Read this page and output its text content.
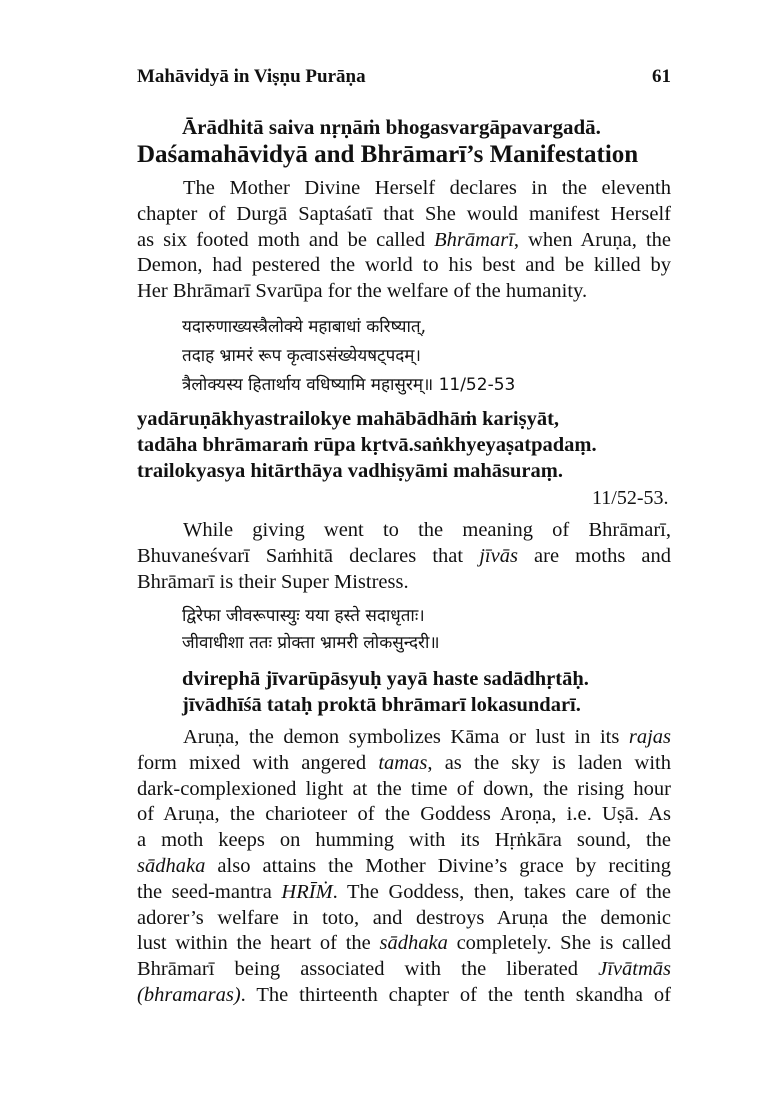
Mahāvidyā in Viṣṇu Purāṇa	61
Ārādhitā saiva nṛṇāṁ bhogasvargāpavargadā.
Daśamahāvidyā and Bhrāmarī’s Manifestation
The Mother Divine Herself declares in the eleventh
chapter of Durgā Saptaśatī that She would manifest Herself
as six footed moth and be called Bhrāmarī, when Aruṇa, the
Demon, had pestered the world to his best and be killed by
Her Bhrāmarī Svarūpa for the welfare of the humanity.
यदारुणाख्यस्त्रैलोक्ये महाबाधां करिष्यात्,
तदाह भ्रामरं रूप कृत्वाऽसंख्येयषट्पदम्।
त्रैलोक्यस्य हितार्थाय वधिष्यामि महासुरम्॥ 11/52-53
yadāruṇākhyastrailokye mahābādhāṁ kariṣyāt,
tadāha bhrāmaraṁ rūpa kṛtvā.saṅkhyeyaṣatpadaṃ.
trailokyasya hitārthāya vadhiṣyāmi mahāsuraṃ.
11/52-53.
While giving went to the meaning of Bhrāmarī,
Bhuvaneśvarī Saṁhitā declares that jīvās are moths and
Bhrāmarī is their Super Mistress.
द्विरेफा जीवरूपास्युः यया हस्ते सदाधृताः।
जीवाधीशा ततः प्रोक्ता भ्रामरी लोकसुन्दरी॥
dvirephā jīvarūpāsyuḥ yayā haste sadādhṛtāḥ.
jīvādhīśā tataḥ proktā bhrāmarī lokasundarī.
Aruṇa, the demon symbolizes Kāma or lust in its rajas
form mixed with angered tamas, as the sky is laden with
dark-complexioned light at the time of down, the rising hour
of Aruṇa, the charioteer of the Goddess Aroṇa, i.e. Uṣā. As
a moth keeps on humming with its Hṛṅkāra sound, the
sādhaka also attains the Mother Divine’s grace by reciting
the seed-mantra HRĪṀ. The Goddess, then, takes care of the
adorer’s welfare in toto, and destroys Aruṇa the demonic
lust within the heart of the sādhaka completely. She is called
Bhrāmarī being associated with the liberated Jīvātmās
(bhramaras). The thirteenth chapter of the tenth skandha of
